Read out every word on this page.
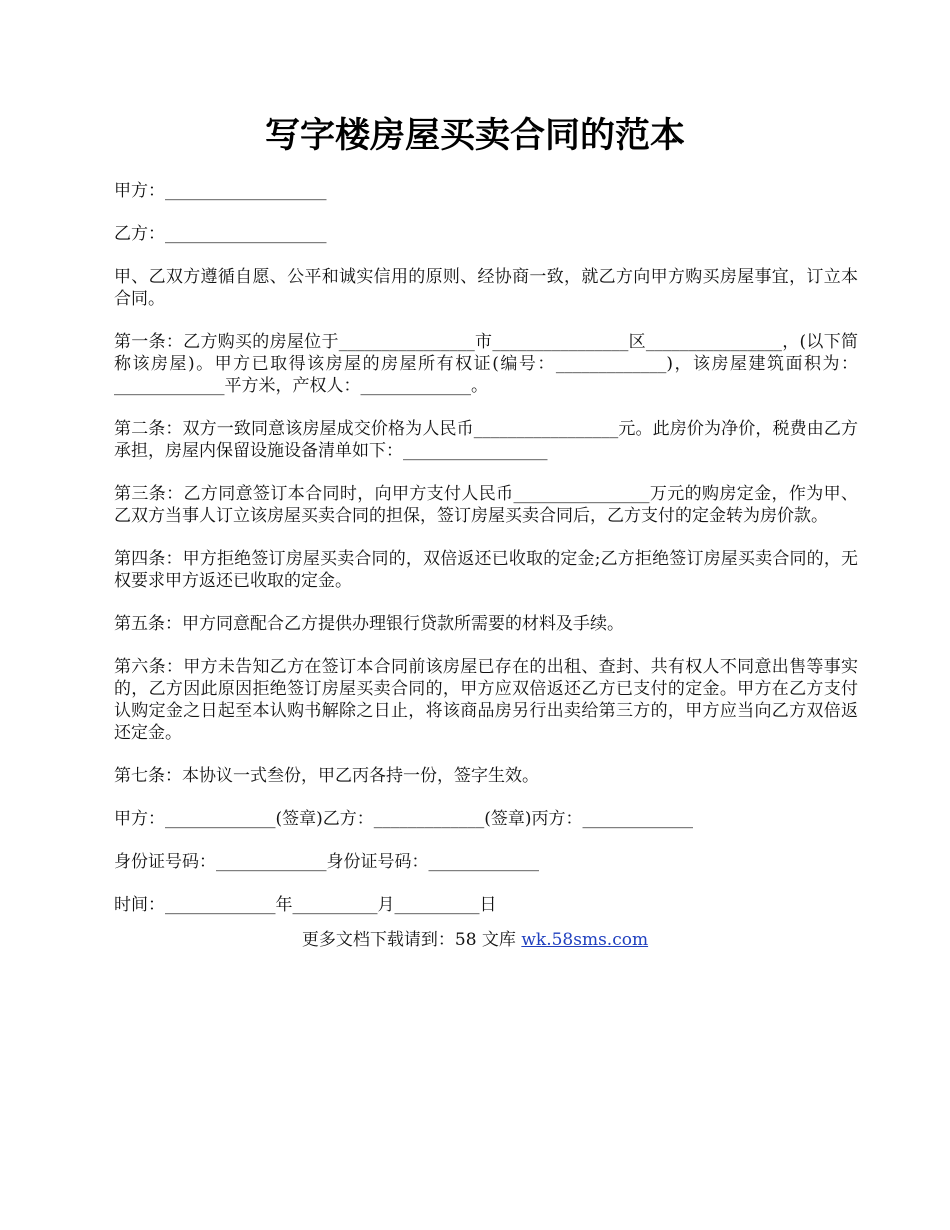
写字楼房屋买卖合同的范本

甲方：___________________

乙方：___________________

甲、乙双方遵循自愿、公平和诚实信用的原则、经协商一致，就乙方向甲方购买房屋事宜，订立本合同。

第一条：乙方购买的房屋位于________________市________________区________________，(以下简称该房屋)。甲方已取得该房屋的房屋所有权证(编号：_____________)，该房屋建筑面积为：_____________平方米，产权人：_____________。

第二条：双方一致同意该房屋成交价格为人民币_________________元。此房价为净价，税费由乙方承担，房屋内保留设施设备清单如下：_________________

第三条：乙方同意签订本合同时，向甲方支付人民币________________万元的购房定金，作为甲、乙双方当事人订立该房屋买卖合同的担保，签订房屋买卖合同后，乙方支付的定金转为房价款。

第四条：甲方拒绝签订房屋买卖合同的，双倍返还已收取的定金;乙方拒绝签订房屋买卖合同的，无权要求甲方返还已收取的定金。

第五条：甲方同意配合乙方提供办理银行贷款所需要的材料及手续。

第六条：甲方未告知乙方在签订本合同前该房屋已存在的出租、查封、共有权人不同意出售等事实的，乙方因此原因拒绝签订房屋买卖合同的，甲方应双倍返还乙方已支付的定金。甲方在乙方支付认购定金之日起至本认购书解除之日止，将该商品房另行出卖给第三方的，甲方应当向乙方双倍返还定金。

第七条：本协议一式叁份，甲乙丙各持一份，签字生效。

甲方：_____________(签章)乙方：_____________(签章)丙方：_____________

身份证号码：_____________身份证号码：_____________

时间：_____________年__________月__________日

更多文档下载请到：58 文库 wk.58sms.com
